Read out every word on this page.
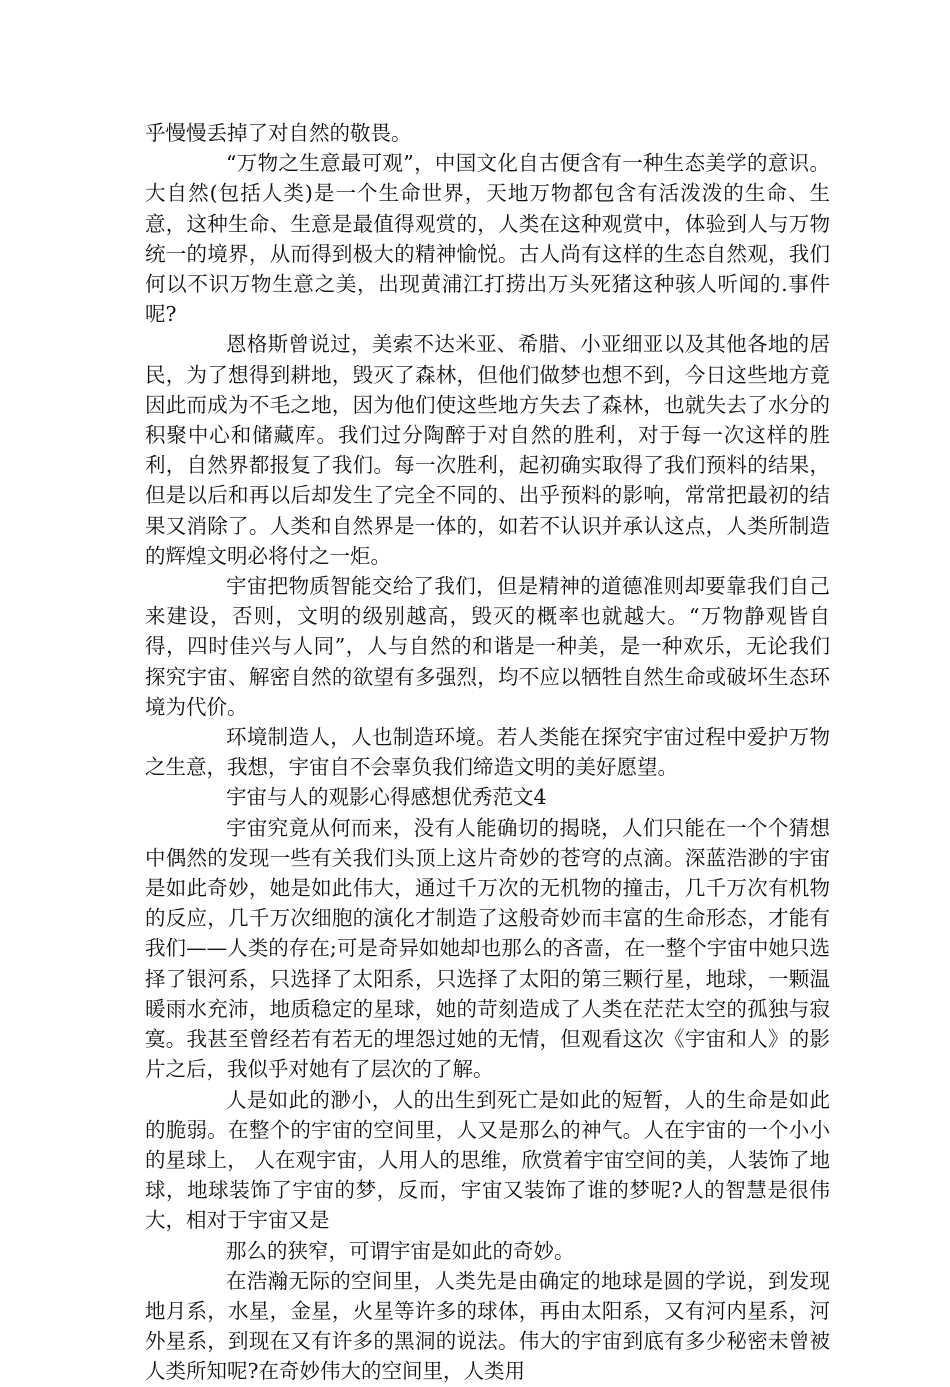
乎慢慢丢掉了对自然的敬畏。

“万物之生意最可观”，中国文化自古便含有一种生态美学的意识。大自然(包括人类)是一个生命世界，天地万物都包含有活泼泼的生命、生意，这种生命、生意是最值得观赏的，人类在这种观赏中，体验到人与万物统一的境界，从而得到极大的精神愉悦。古人尚有这样的生态自然观，我们何以不识万物生意之美，出现黄浦江打捞出万头死猪这种骇人听闻的.事件呢?

恩格斯曾说过，美索不达米亚、希腊、小亚细亚以及其他各地的居民，为了想得到耕地，毁灭了森林，但他们做梦也想不到，今日这些地方竟因此而成为不毛之地，因为他们使这些地方失去了森林，也就失去了水分的积聚中心和储藏库。我们过分陶醉于对自然的胜利，对于每一次这样的胜利，自然界都报复了我们。每一次胜利，起初确实取得了我们预料的结果，但是以后和再以后却发生了完全不同的、出乎预料的影响，常常把最初的结果又消除了。人类和自然界是一体的，如若不认识并承认这点，人类所制造的辉煌文明必将付之一炬。

宇宙把物质智能交给了我们，但是精神的道德准则却要靠我们自己来建设，否则，文明的级别越高，毁灭的概率也就越大。“万物静观皆自得，四时佳兴与人同”，人与自然的和谐是一种美，是一种欢乐，无论我们探究宇宙、解密自然的欲望有多强烈，均不应以牺牲自然生命或破坏生态环境为代价。

环境制造人，人也制造环境。若人类能在探究宇宙过程中爱护万物之生意，我想，宇宙自不会辜负我们缔造文明的美好愿望。

宇宙与人的观影心得感想优秀范文4

宇宙究竟从何而来，没有人能确切的揭晓，人们只能在一个个猜想中偶然的发现一些有关我们头顶上这片奇妙的苍穹的点滴。深蓝浩渺的宇宙是如此奇妙，她是如此伟大，通过千万次的无机物的撞击，几千万次有机物的反应，几千万次细胞的演化才制造了这般奇妙而丰富的生命形态，才能有我们——人类的存在;可是奇异如她却也那么的吝啬，在一整个宇宙中她只选择了银河系，只选择了太阳系，只选择了太阳的第三颗行星，地球，一颗温暖雨水充沛，地质稳定的星球，她的苛刻造成了人类在茫茫太空的孤独与寂寞。我甚至曾经若有若无的埋怨过她的无情，但观看这次《宇宙和人》的影片之后，我似乎对她有了层次的了解。

人是如此的渺小，人的出生到死亡是如此的短暂，人的生命是如此的脆弱。在整个的宇宙的空间里，人又是那么的神气。人在宇宙的一个小小的星球上， 人在观宇宙，人用人的思维，欣赏着宇宙空间的美，人装饰了地球，地球装饰了宇宙的梦，反而，宇宙又装饰了谁的梦呢?人的智慧是很伟大，相对于宇宙又是

那么的狭窄，可谓宇宙是如此的奇妙。

在浩瀚无际的空间里，人类先是由确定的地球是圆的学说，到发现地月系，水星，金星，火星等许多的球体，再由太阳系，又有河内星系，河外星系，到现在又有许多的黑洞的说法。伟大的宇宙到底有多少秘密未曾被人类所知呢?在奇妙伟大的空间里，人类用
